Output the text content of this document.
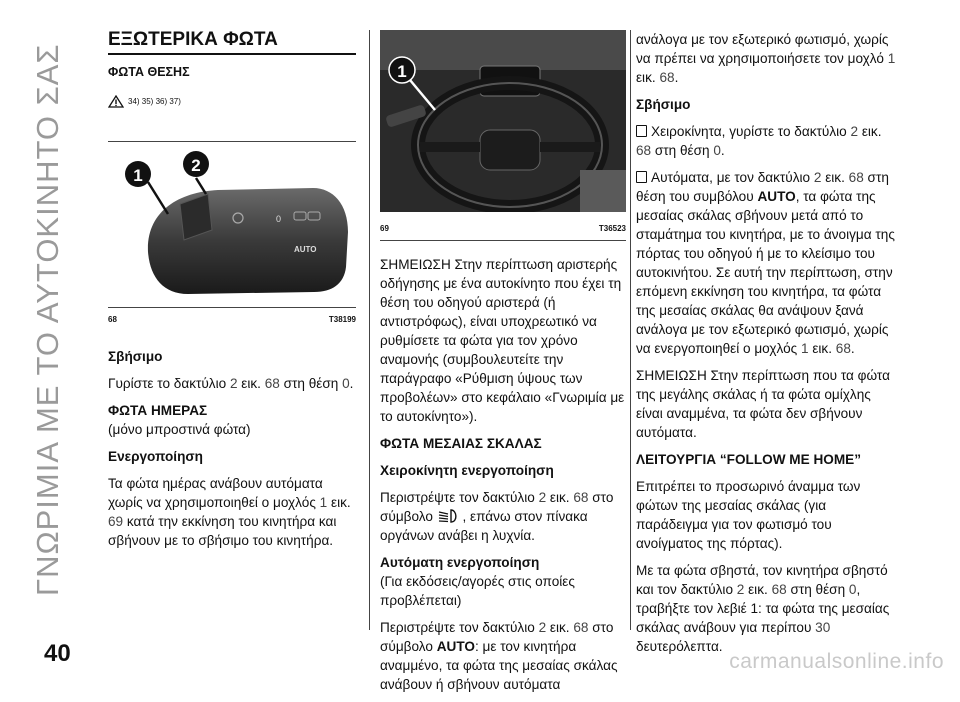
ΓΝΩΡΙΜΙΑ ΜΕ ΤΟ ΑΥΤΟΚΙΝΗΤΟ ΣΑΣ
ΕΞΩΤΕΡΙΚΑ ΦΩΤΑ
ΦΩΤΑ ΘΕΣΗΣ
34) 35) 36) 37)
0
AUTO
1
2
68	T38199

Σβήσιμο

Γυρίστε το δακτύλιο 2 εικ. 68 στη θέση 0.

ΦΩΤΑ ΗΜΕΡΑΣ

(μόνο μπροστινά φώτα)

Ενεργοποίηση

Τα φώτα ημέρας ανάβουν αυτόματα χωρίς να χρησιμοποιηθεί ο μοχλός 1 εικ. 69 κατά την εκκίνηση του κινητήρα και σβήνουν με το σβήσιμο του κινητήρα.

888
1
69	T36523

ΣΗΜΕΙΩΣΗ Στην περίπτωση αριστερής οδήγησης με ένα αυτοκίνητο που έχει τη θέση του οδηγού αριστερά (ή αντιστρόφως), είναι υποχρεωτικό να ρυθμίσετε τα φώτα για τον χρόνο αναμονής (συμβουλευτείτε την παράγραφο «Ρύθμιση ύψους των προβολέων» στο κεφάλαιο «Γνωριμία με το αυτοκίνητο»).

ΦΩΤΑ ΜΕΣΑΙΑΣ ΣΚΑΛΑΣ

Χειροκίνητη ενεργοποίηση

Περιστρέψτε τον δακτύλιο 2 εικ. 68 στο σύμβολο  , επάνω στον πίνακα οργάνων ανάβει η λυχνία.

Αυτόματη ενεργοποίηση

(Για εκδόσεις/αγορές στις οποίες προβλέπεται)

Περιστρέψτε τον δακτύλιο 2 εικ. 68 στο σύμβολο AUTO: με τον κινητήρα αναμμένο, τα φώτα της μεσαίας σκάλας ανάβουν ή σβήνουν αυτόματα

ανάλογα με τον εξωτερικό φωτισμό, χωρίς να πρέπει να χρησιμοποιήσετε τον μοχλό 1 εικ. 68.

Σβήσιμο

Χειροκίνητα, γυρίστε το δακτύλιο 2 εικ. 68 στη θέση 0.

Αυτόματα, με τον δακτύλιο 2 εικ. 68 στη θέση του συμβόλου AUTO, τα φώτα της μεσαίας σκάλας σβήνουν μετά από το σταμάτημα του κινητήρα, με το άνοιγμα της πόρτας του οδηγού ή με το κλείσιμο του αυτοκινήτου. Σε αυτή την περίπτωση, στην επόμενη εκκίνηση του κινητήρα, τα φώτα της μεσαίας σκάλας θα ανάψουν ξανά ανάλογα με τον εξωτερικό φωτισμό, χωρίς να ενεργοποιηθεί ο μοχλός 1 εικ. 68.

ΣΗΜΕΙΩΣΗ Στην περίπτωση που τα φώτα της μεγάλης σκάλας ή τα φώτα ομίχλης είναι αναμμένα, τα φώτα δεν σβήνουν αυτόματα.

ΛΕΙΤΟΥΡΓΙΑ “FOLLOW ME HOME”

Επιτρέπει το προσωρινό άναμμα των φώτων της μεσαίας σκάλας (για παράδειγμα για τον φωτισμό του ανοίγματος της πόρτας).

Με τα φώτα σβηστά, τον κινητήρα σβηστό και τον δακτύλιο 2 εικ. 68 στη θέση 0, τραβήξτε τον λεβιέ 1: τα φώτα της μεσαίας σκάλας ανάβουν για περίπου 30 δευτερόλεπτα.

40	carmanualsonline.info
